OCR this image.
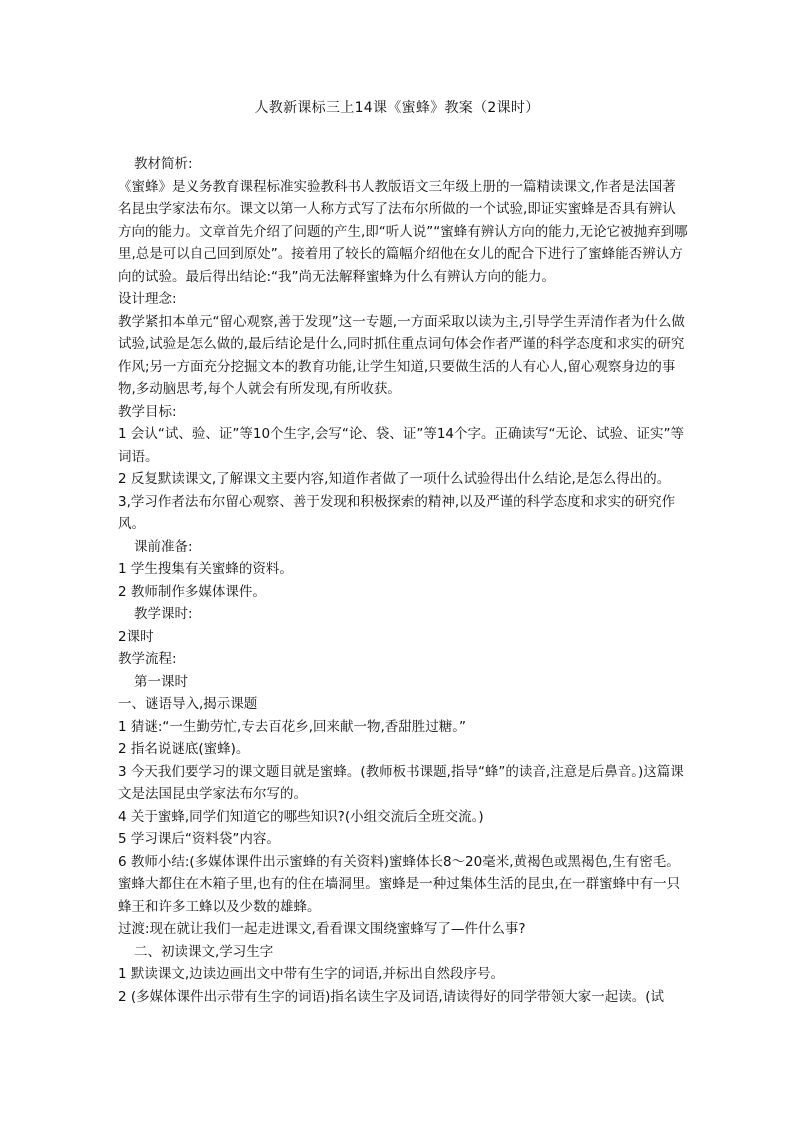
人教新课标三上14课《蜜蜂》教案（2课时）

教材简析:

《蜜蜂》是义务教育课程标准实验教科书人教版语文三年级上册的一篇精读课文,作者是法国著名昆虫学家法布尔。课文以第一人称方式写了法布尔所做的一个试验,即证实蜜蜂是否具有辨认方向的能力。文章首先介绍了问题的产生,即“听人说”“蜜蜂有辨认方向的能力,无论它被抛弃到哪里,总是可以自己回到原处”。接着用了较长的篇幅介绍他在女儿的配合下进行了蜜蜂能否辨认方向的试验。最后得出结论:“我”尚无法解释蜜蜂为什么有辨认方向的能力。

设计理念:

教学紧扣本单元“留心观察,善于发现”这一专题,一方面采取以读为主,引导学生弄清作者为什么做试验,试验是怎么做的,最后结论是什么,同时抓住重点词句体会作者严谨的科学态度和求实的研究作风;另一方面充分挖掘文本的教育功能,让学生知道,只要做生活的人有心人,留心观察身边的事物,多动脑思考,每个人就会有所发现,有所收获。

教学目标:

1 会认“试、验、证”等10个生字,会写“论、袋、证”等14个字。正确读写“无论、试验、证实”等词语。

2 反复默读课文,了解课文主要内容,知道作者做了一项什么试验得出什么结论,是怎么得出的。

3,学习作者法布尔留心观察、善于发现和积极探索的精神,以及严谨的科学态度和求实的研究作风。

课前准备:

1 学生搜集有关蜜蜂的资料。

2 教师制作多媒体课件。

教学课时:

2课时

教学流程:

第一课时

一、谜语导入,揭示课题

1 猜谜:“一生勤劳忙,专去百花乡,回来献一物,香甜胜过糖。”

2 指名说谜底(蜜蜂)。

3 今天我们要学习的课文题目就是蜜蜂。(教师板书课题,指导“蜂”的读音,注意是后鼻音。)这篇课文是法国昆虫学家法布尔写的。

4 关于蜜蜂,同学们知道它的哪些知识?(小组交流后全班交流。)

5 学习课后“资料袋”内容。

6 教师小结:(多媒体课件出示蜜蜂的有关资料)蜜蜂体长8～20毫米,黄褐色或黑褐色,生有密毛。蜜蜂大都住在木箱子里,也有的住在墙洞里。蜜蜂是一种过集体生活的昆虫,在一群蜜蜂中有一只蜂王和许多工蜂以及少数的雄蜂。

过渡:现在就让我们一起走进课文,看看课文围绕蜜蜂写了—件什么事?

二、初读课文,学习生字

1 默读课文,边读边画出文中带有生字的词语,并标出自然段序号。

2 (多媒体课件出示带有生字的词语)指名读生字及词语,请读得好的同学带领大家一起读。(试
